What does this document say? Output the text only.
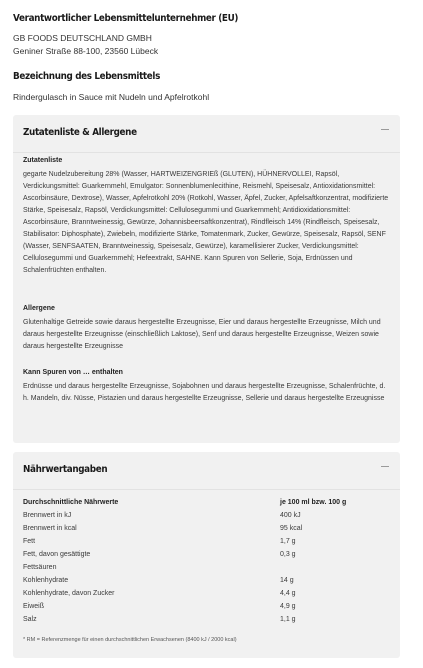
Verantwortlicher Lebensmittelunternehmer (EU)
GB FOODS DEUTSCHLAND GMBH
Geniner Straße 88-100, 23560 Lübeck
Bezeichnung des Lebensmittels
Rindergulasch in Sauce mit Nudeln und Apfelrotkohl
Zutatenliste & Allergene
Zutatenliste
gegarte Nudelzubereitung 28% (Wasser, HARTWEIZENGRIEß (GLUTEN), HÜHNERVOLLEI, Rapsöl, Verdickungsmittel: Guarkernmehl, Emulgator: Sonnenblumenlecithine, Reismehl, Speisesalz, Antioxidationsmittel: Ascorbinsäure, Dextrose), Wasser, Apfelrotkohl 20% (Rotkohl, Wasser, Äpfel, Zucker, Apfelsaftkonzentrat, modifizierte Stärke, Speisesalz, Rapsöl, Verdickungsmittel: Cellulosegummi und Guarkernmehl; Antidioxidationsmittel: Ascorbinsäure, Branntweinessig, Gewürze, Johannisbeersaftkonzentrat), Rindfleisch 14% (Rindfleisch, Speisesalz, Stabilisator: Diphosphate), Zwiebeln, modifizierte Stärke, Tomatenmark, Zucker, Gewürze, Speisesalz, Rapsöl, SENF (Wasser, SENFSAATEN, Branntweinessig, Speisesalz, Gewürze), karamellisierer Zucker, Verdickungsmittel: Cellulosegummi und Guarkernmehl; Hefeextrakt, SAHNE. Kann Spuren von Sellerie, Soja, Erdnüssen und Schalenfrüchten enthalten.
Allergene
Glutenhaltige Getreide sowie daraus hergestellte Erzeugnisse, Eier und daraus hergestellte Erzeugnisse, Milch und daraus hergestellte Erzeugnisse (einschließlich Laktose), Senf und daraus hergestellte Erzeugnisse, Weizen sowie daraus hergestellte Erzeugnisse
Kann Spuren von … enthalten
Erdnüsse und daraus hergestellte Erzeugnisse, Sojabohnen und daraus hergestellte Erzeugnisse, Schalenfrüchte, d. h. Mandeln, div. Nüsse, Pistazien und daraus hergestellte Erzeugnisse, Sellerie und daraus hergestellte Erzeugnisse
Nährwertangaben
Durchschnittliche Nährwerte	je 100 ml bzw. 100 g
Brennwert in kJ	400 kJ
Brennwert in kcal	95 kcal
Fett	1,7 g
Fett, davon gesättigte	0,3 g
Fettsäuren	
Kohlenhydrate	14 g
Kohlenhydrate, davon Zucker	4,4 g
Eiweiß	4,9 g
Salz	1,1 g
* RM = Referenzmenge für einen durchschnittlichen Erwachsenen (8400 kJ / 2000 kcal)
